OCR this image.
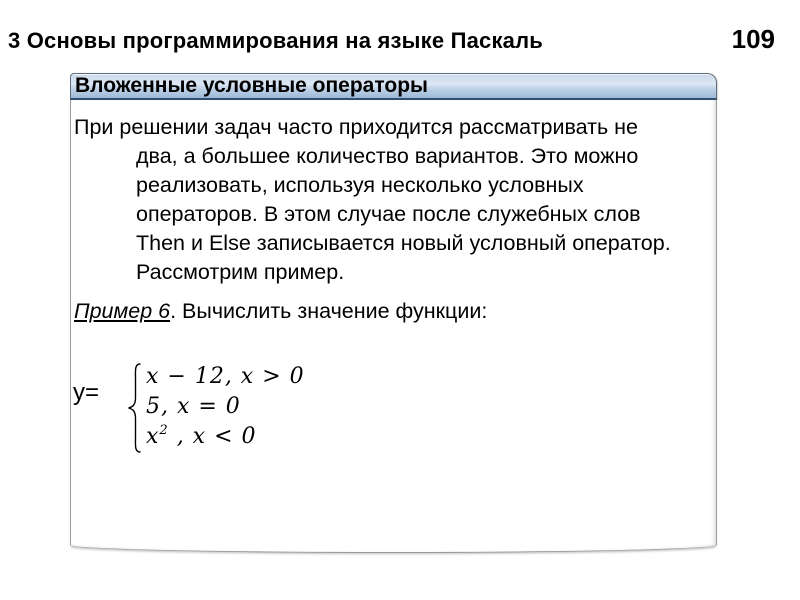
3 Основы программирования на языке Паскаль	109
Вложенные условные операторы
При решении задач часто приходится рассматривать не
два, а большее количество вариантов. Это можно
реализовать, используя несколько условных
операторов. В этом случае после служебных слов
Then и Else записывается новый условный оператор.
Рассмотрим пример.
Пример 6. Вычислить значение функции:
y=
x − 12, x > 0
5, x = 0
$x^2$ , x < 0
